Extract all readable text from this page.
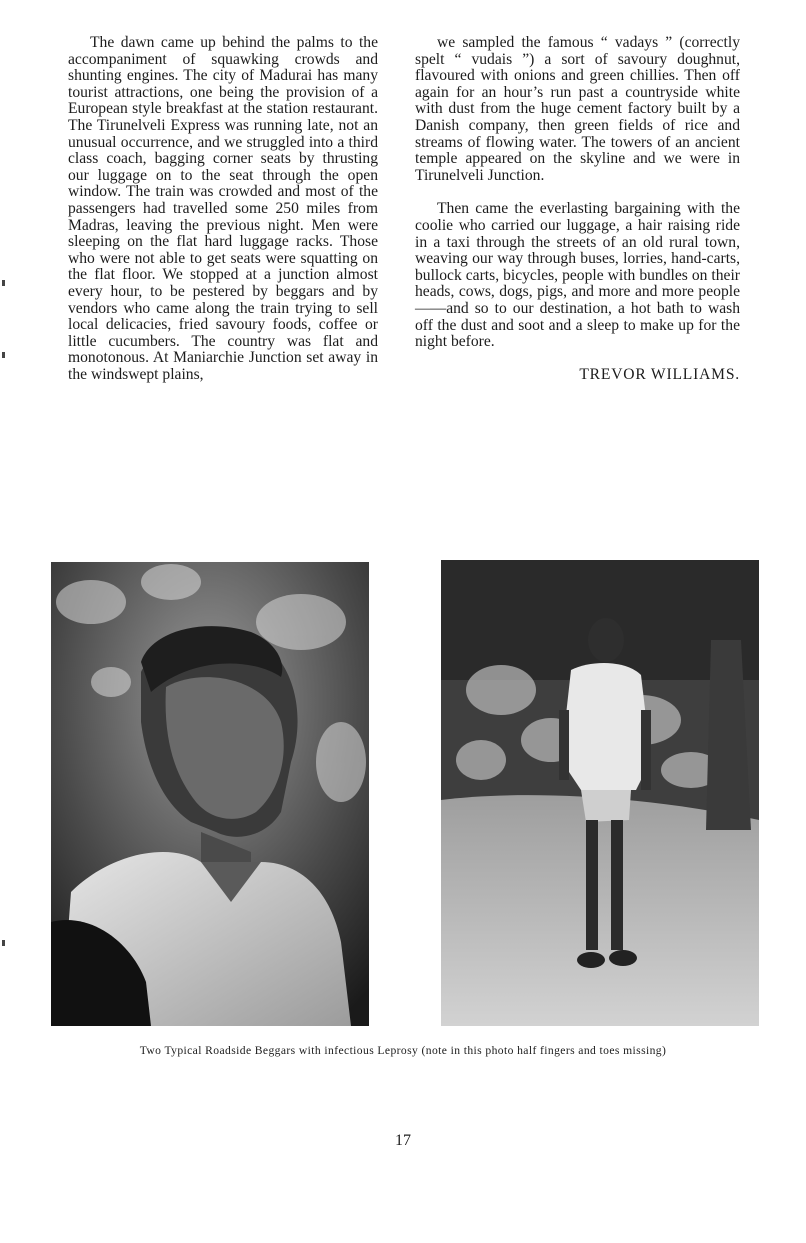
The dawn came up behind the palms to the accompaniment of squawking crowds and shunting engines. The city of Madurai has many tourist attractions, one being the provision of a European style breakfast at the station restaurant. The Tirunelveli Express was running late, not an unusual occurrence, and we struggled into a third class coach, bagging corner seats by thrusting our luggage on to the seat through the open window. The train was crowded and most of the passengers had travelled some 250 miles from Madras, leaving the previous night. Men were sleeping on the flat hard luggage racks. Those who were not able to get seats were squatting on the flat floor. We stopped at a junction almost every hour, to be pestered by beggars and by vendors who came along the train trying to sell local delicacies, fried savoury foods, coffee or little cucumbers. The country was flat and monotonous. At Maniarchie Junction set away in the windswept plains,

we sampled the famous “ vadays ” (correctly spelt “ vudais ”) a sort of savoury doughnut, flavoured with onions and green chillies. Then off again for an hour’s run past a countryside white with dust from the huge cement factory built by a Danish company, then green fields of rice and streams of flowing water. The towers of an ancient temple appeared on the skyline and we were in Tirunelveli Junction.

Then came the everlasting bargaining with the coolie who carried our luggage, a hair raising ride in a taxi through the streets of an old rural town, weaving our way through buses, lorries, hand-carts, bullock carts, bicycles, people with bundles on their heads, cows, dogs, pigs, and more and more people——and so to our destination, a hot bath to wash off the dust and soot and a sleep to make up for the night before.

TREVOR WILLIAMS.
Two Typical Roadside Beggars with infectious Leprosy (note in this photo half fingers and toes missing)
17
